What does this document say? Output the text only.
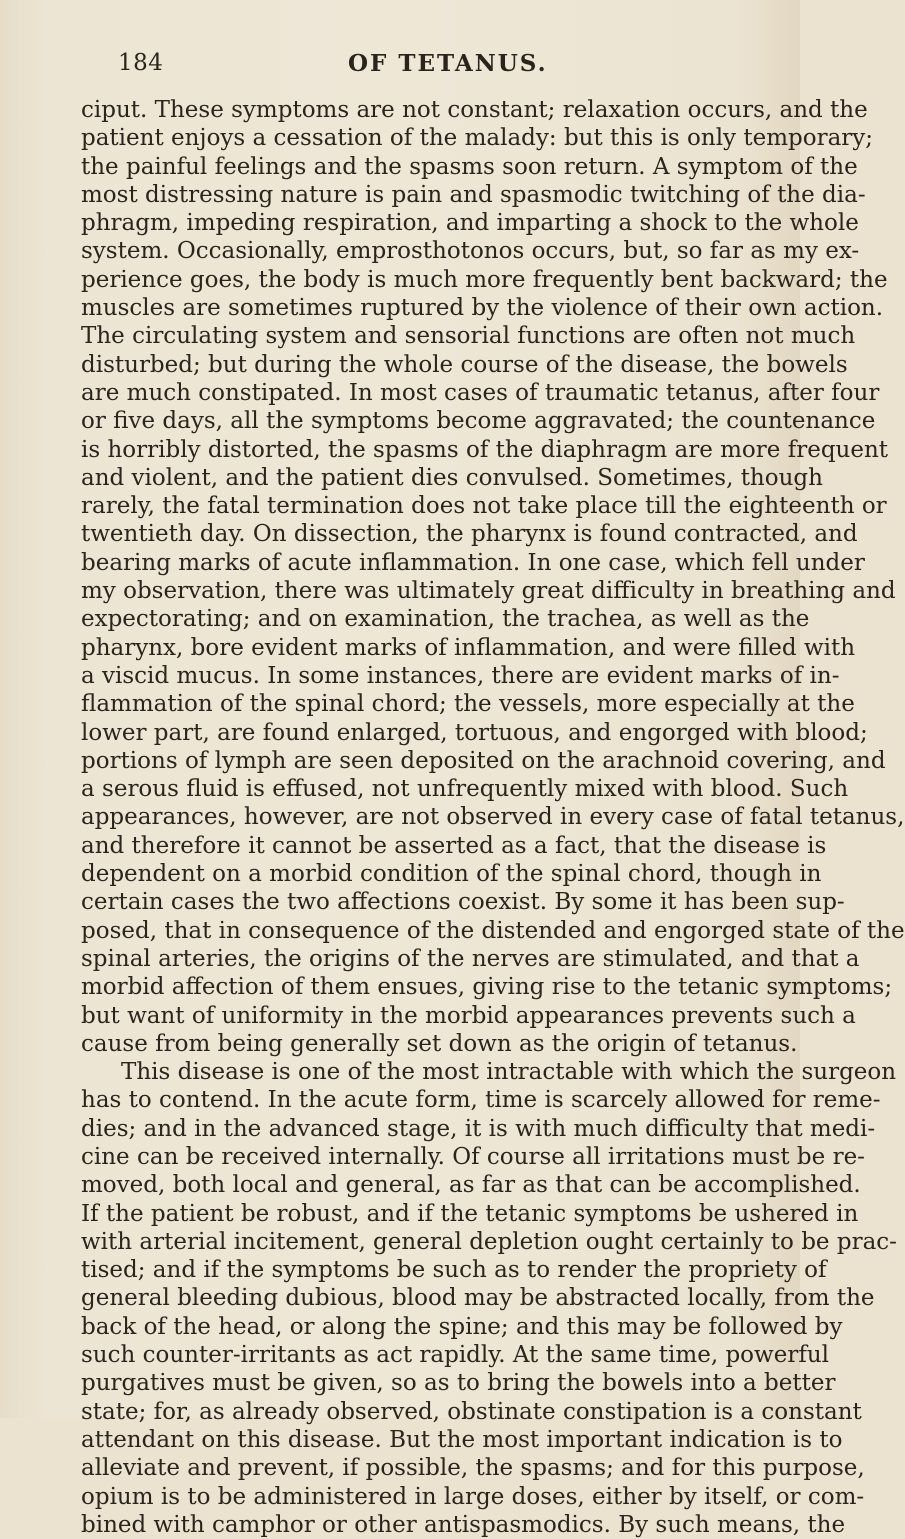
184	OF TETANUS.
ciput. These symptoms are not constant; relaxation occurs, and the
patient enjoys a cessation of the malady: but this is only temporary;
the painful feelings and the spasms soon return. A symptom of the
most distressing nature is pain and spasmodic twitching of the dia-
phragm, impeding respiration, and imparting a shock to the whole
system. Occasionally, emprosthotonos occurs, but, so far as my ex-
perience goes, the body is much more frequently bent backward; the
muscles are sometimes ruptured by the violence of their own action.
The circulating system and sensorial functions are often not much
disturbed; but during the whole course of the disease, the bowels
are much constipated. In most cases of traumatic tetanus, after four
or five days, all the symptoms become aggravated; the countenance
is horribly distorted, the spasms of the diaphragm are more frequent
and violent, and the patient dies convulsed. Sometimes, though
rarely, the fatal termination does not take place till the eighteenth or
twentieth day. On dissection, the pharynx is found contracted, and
bearing marks of acute inflammation. In one case, which fell under
my observation, there was ultimately great difficulty in breathing and
expectorating; and on examination, the trachea, as well as the
pharynx, bore evident marks of inflammation, and were filled with
a viscid mucus. In some instances, there are evident marks of in-
flammation of the spinal chord; the vessels, more especially at the
lower part, are found enlarged, tortuous, and engorged with blood;
portions of lymph are seen deposited on the arachnoid covering, and
a serous fluid is effused, not unfrequently mixed with blood. Such
appearances, however, are not observed in every case of fatal tetanus,
and therefore it cannot be asserted as a fact, that the disease is
dependent on a morbid condition of the spinal chord, though in
certain cases the two affections coexist. By some it has been sup-
posed, that in consequence of the distended and engorged state of the
spinal arteries, the origins of the nerves are stimulated, and that a
morbid affection of them ensues, giving rise to the tetanic symptoms;
but want of uniformity in the morbid appearances prevents such a
cause from being generally set down as the origin of tetanus.
This disease is one of the most intractable with which the surgeon
has to contend. In the acute form, time is scarcely allowed for reme-
dies; and in the advanced stage, it is with much difficulty that medi-
cine can be received internally. Of course all irritations must be re-
moved, both local and general, as far as that can be accomplished.
If the patient be robust, and if the tetanic symptoms be ushered in
with arterial incitement, general depletion ought certainly to be prac-
tised; and if the symptoms be such as to render the propriety of
general bleeding dubious, blood may be abstracted locally, from the
back of the head, or along the spine; and this may be followed by
such counter-irritants as act rapidly. At the same time, powerful
purgatives must be given, so as to bring the bowels into a better
state; for, as already observed, obstinate constipation is a constant
attendant on this disease. But the most important indication is to
alleviate and prevent, if possible, the spasms; and for this purpose,
opium is to be administered in large doses, either by itself, or com-
bined with camphor or other antispasmodics. By such means, the
